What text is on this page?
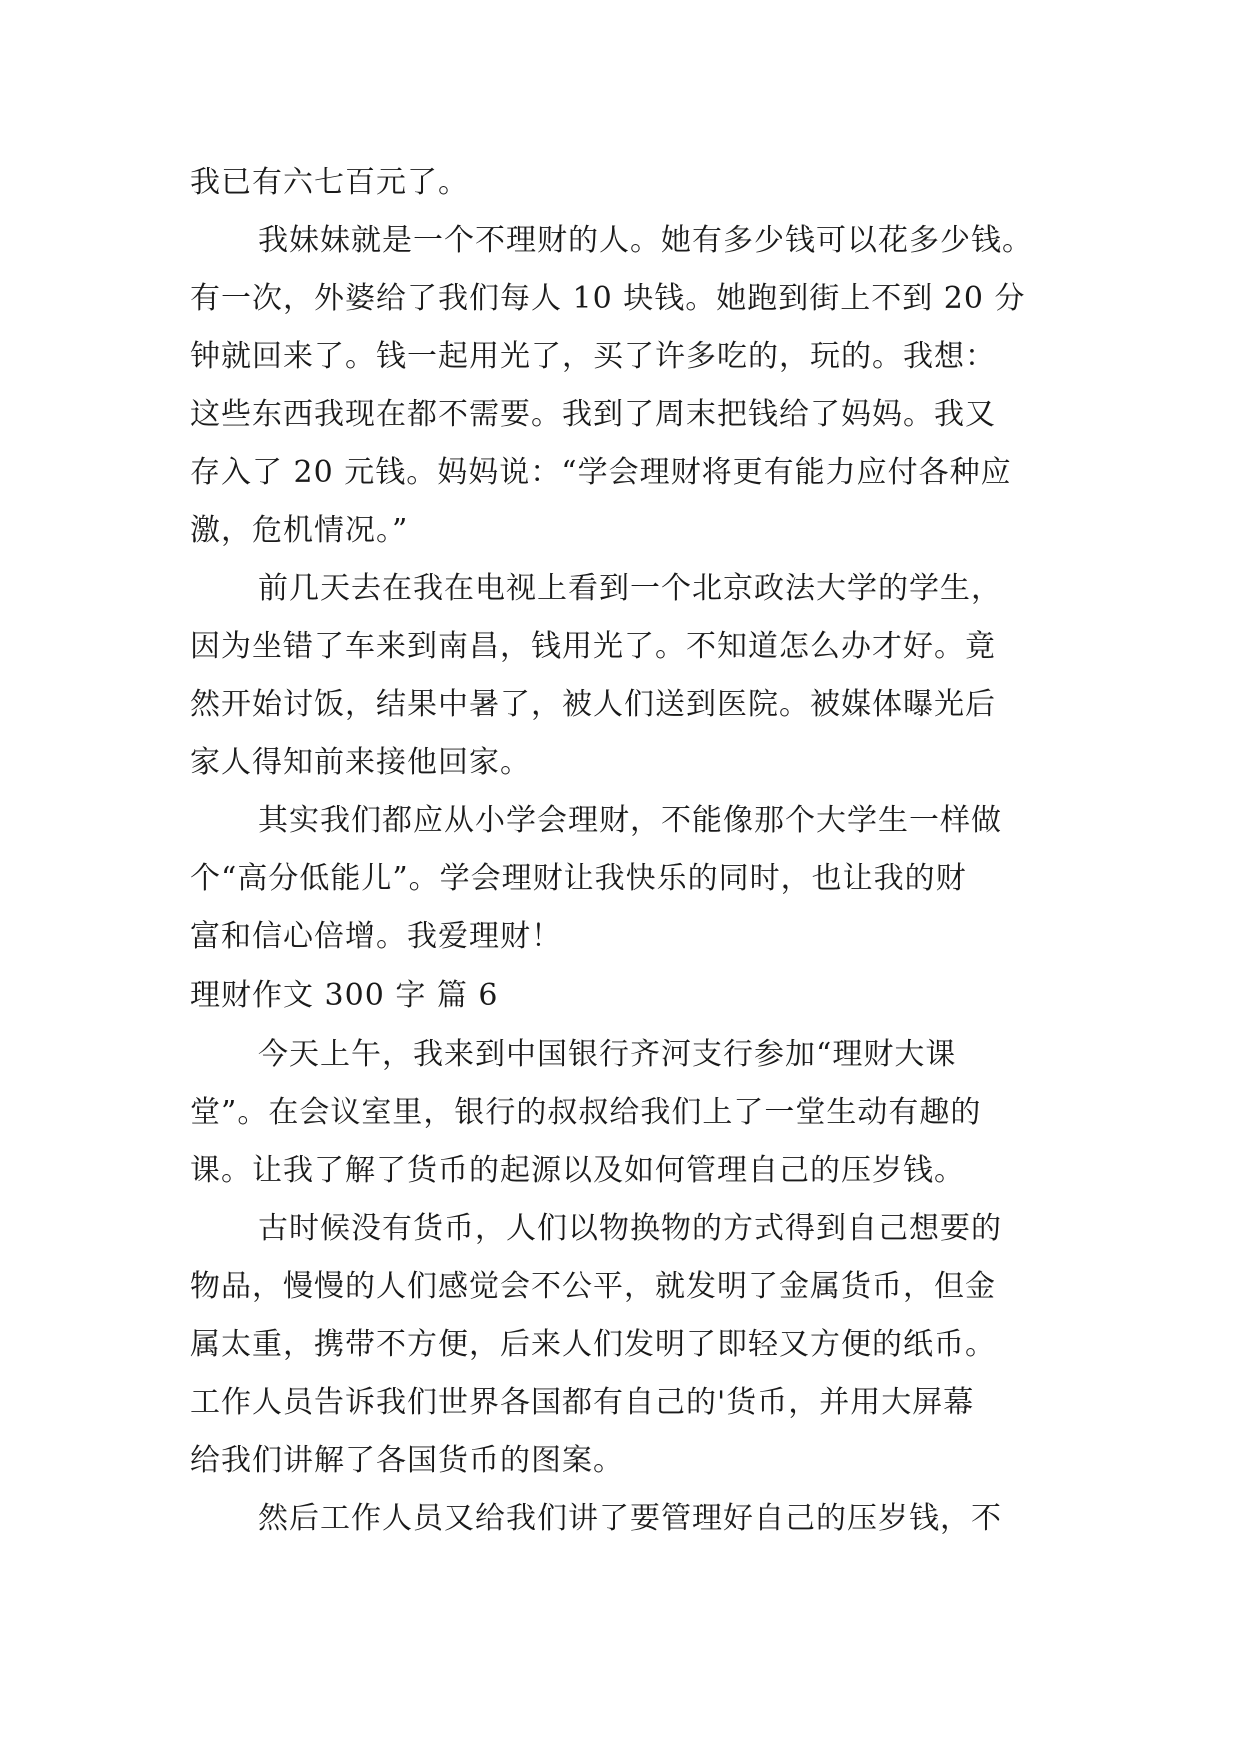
我已有六七百元了。
我妹妹就是一个不理财的人。她有多少钱可以花多少钱。
有一次，外婆给了我们每人 10 块钱。她跑到街上不到 20 分
钟就回来了。钱一起用光了，买了许多吃的，玩的。我想：
这些东西我现在都不需要。我到了周末把钱给了妈妈。我又
存入了 20 元钱。妈妈说：“学会理财将更有能力应付各种应
激，危机情况。”
前几天去在我在电视上看到一个北京政法大学的学生，
因为坐错了车来到南昌，钱用光了。不知道怎么办才好。竟
然开始讨饭，结果中暑了，被人们送到医院。被媒体曝光后
家人得知前来接他回家。
其实我们都应从小学会理财，不能像那个大学生一样做
个“高分低能儿”。学会理财让我快乐的同时，也让我的财
富和信心倍增。我爱理财！
理财作文 300 字 篇 6
今天上午，我来到中国银行齐河支行参加“理财大课
堂”。在会议室里，银行的叔叔给我们上了一堂生动有趣的
课。让我了解了货币的起源以及如何管理自己的压岁钱。
古时候没有货币，人们以物换物的方式得到自己想要的
物品，慢慢的人们感觉会不公平，就发明了金属货币，但金
属太重，携带不方便，后来人们发明了即轻又方便的纸币。
工作人员告诉我们世界各国都有自己的'货币，并用大屏幕
给我们讲解了各国货币的图案。
然后工作人员又给我们讲了要管理好自己的压岁钱，不
